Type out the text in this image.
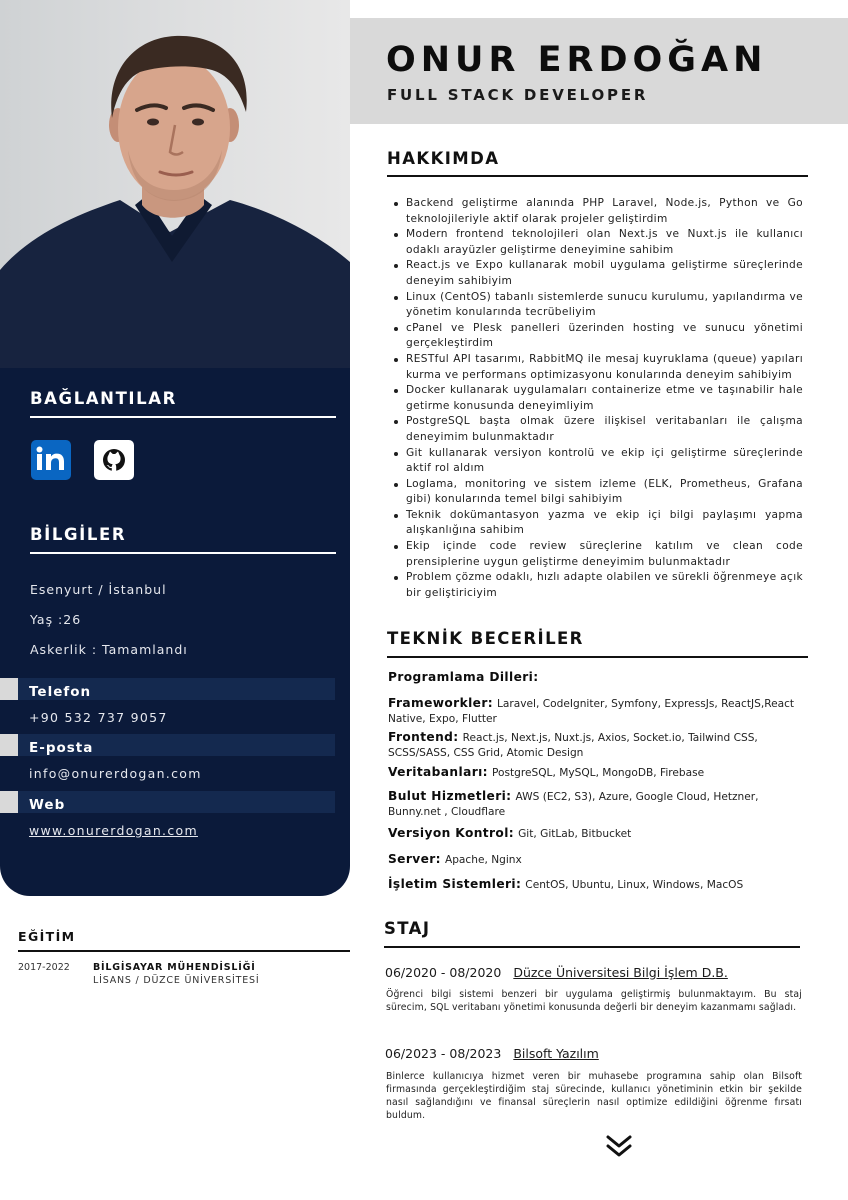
BAĞLANTILAR
BİLGİLER
Esenyurt / İstanbul
Yaş :26
Askerlik : Tamamlandı
Telefon
+90 532 737 9057
E-posta
info@onurerdogan.com
Web
www.onurerdogan.com
EĞİTİM
2017-2022 BİLGİSAYAR MÜHENDİSLİĞİ
LİSANS / DÜZCE ÜNİVERSİTESİ
ONUR ERDOĞAN
FULL STACK DEVELOPER
HAKKIMDA
Backend geliştirme alanında PHP Laravel, Node.js, Python ve Go teknolojileriyle aktif olarak projeler geliştirdim
Modern frontend teknolojileri olan Next.js ve Nuxt.js ile kullanıcı odaklı arayüzler geliştirme deneyimine sahibim
React.js ve Expo kullanarak mobil uygulama geliştirme süreçlerinde deneyim sahibiyim
Linux (CentOS) tabanlı sistemlerde sunucu kurulumu, yapılandırma ve yönetim konularında tecrübeliyim
cPanel ve Plesk panelleri üzerinden hosting ve sunucu yönetimi gerçekleştirdim
RESTful API tasarımı, RabbitMQ ile mesaj kuyruklama (queue) yapıları kurma ve performans optimizasyonu konularında deneyim sahibiyim
Docker kullanarak uygulamaları containerize etme ve taşınabilir hale getirme konusunda deneyimliyim
PostgreSQL başta olmak üzere ilişkisel veritabanları ile çalışma deneyimim bulunmaktadır
Git kullanarak versiyon kontrolü ve ekip içi geliştirme süreçlerinde aktif rol aldım
Loglama, monitoring ve sistem izleme (ELK, Prometheus, Grafana gibi) konularında temel bilgi sahibiyim
Teknik dokümantasyon yazma ve ekip içi bilgi paylaşımı yapma alışkanlığına sahibim
Ekip içinde code review süreçlerine katılım ve clean code prensiplerine uygun geliştirme deneyimim bulunmaktadır
Problem çözme odaklı, hızlı adapte olabilen ve sürekli öğrenmeye açık bir geliştiriciyim
TEKNİK BECERİLER
Programlama Dilleri:
Frameworkler: Laravel, CodeIgniter, Symfony, ExpressJs, ReactJS,React Native, Expo, Flutter
Frontend: React.js, Next.js, Nuxt.js, Axios, Socket.io, Tailwind CSS, SCSS/SASS, CSS Grid, Atomic Design
Veritabanları: PostgreSQL, MySQL, MongoDB, Firebase
Bulut Hizmetleri: AWS (EC2, S3), Azure, Google Cloud, Hetzner, Bunny.net , Cloudflare
Versiyon Kontrol: Git, GitLab, Bitbucket
Server: Apache, Nginx
İşletim Sistemleri: CentOS, Ubuntu, Linux, Windows, MacOS
STAJ
06/2020 - 08/2020 Düzce Üniversitesi Bilgi İşlem D.B.
Öğrenci bilgi sistemi benzeri bir uygulama geliştirmiş bulunmaktayım. Bu staj sürecim, SQL veritabanı yönetimi konusunda değerli bir deneyim kazanmamı sağladı.
06/2023 - 08/2023 Bilsoft Yazılım
Binlerce kullanıcıya hizmet veren bir muhasebe programına sahip olan Bilsoft firmasında gerçekleştirdiğim staj sürecinde, kullanıcı yönetiminin etkin bir şekilde nasıl sağlandığını ve finansal süreçlerin nasıl optimize edildiğini öğrenme fırsatı buldum.
